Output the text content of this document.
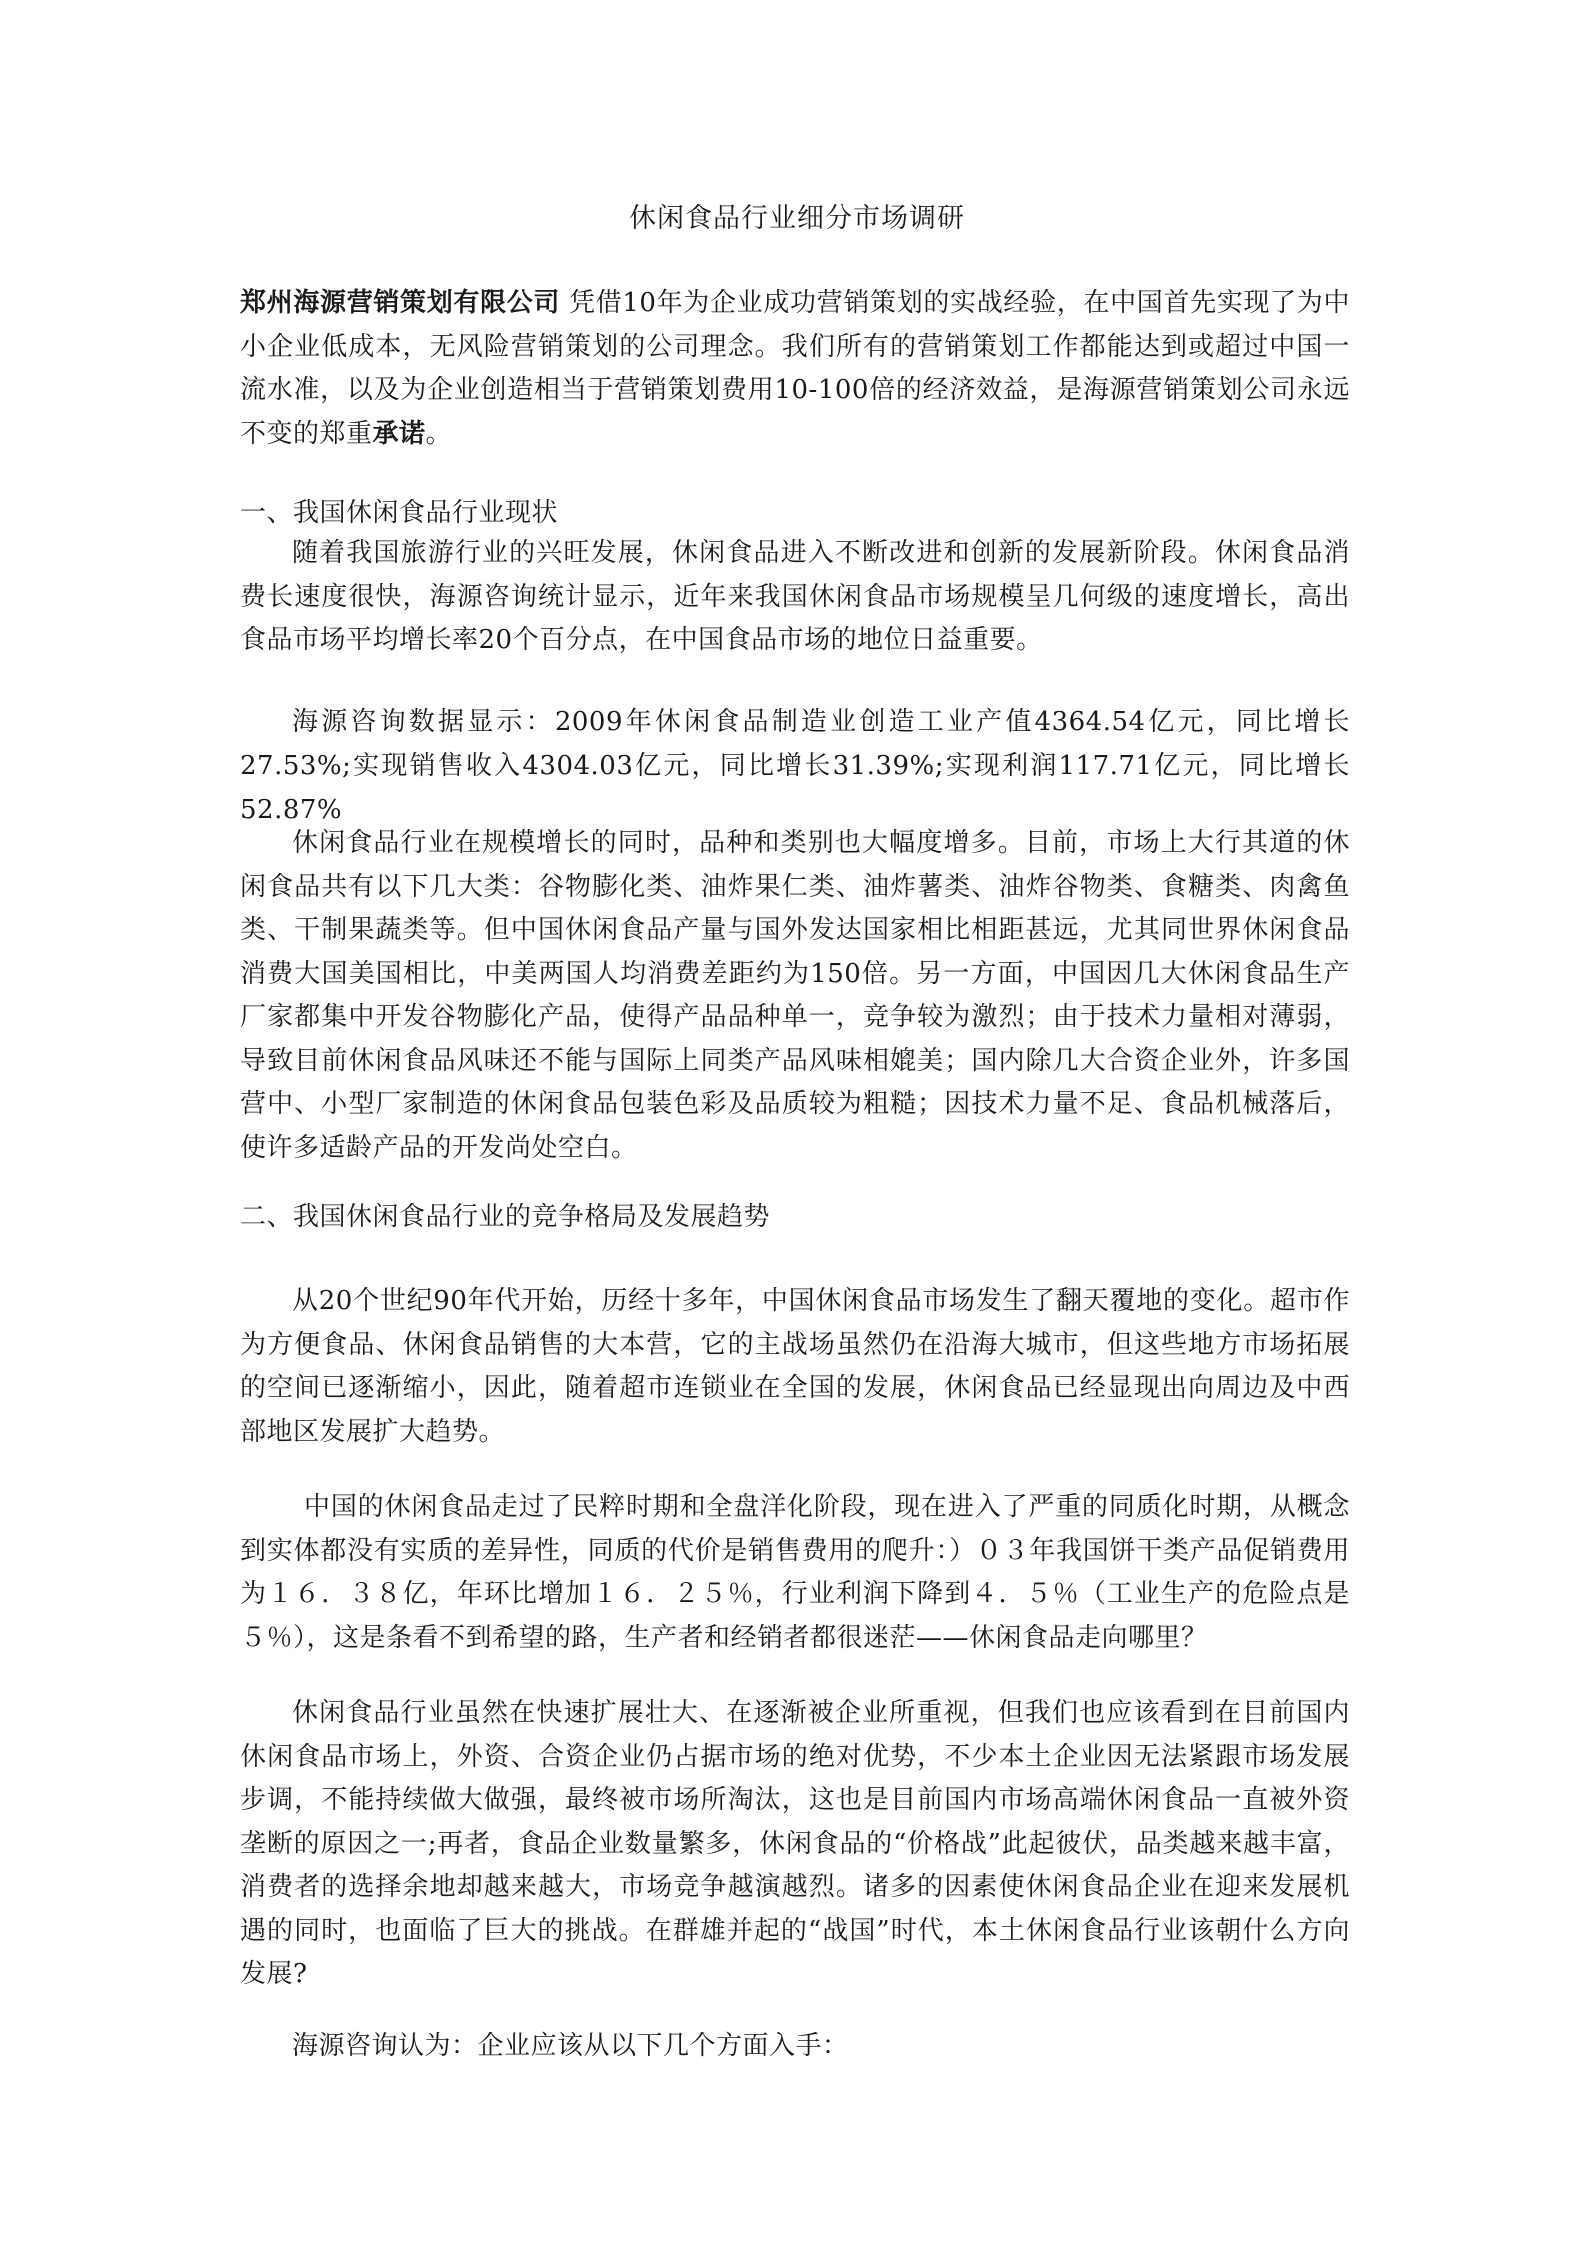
休闲食品行业细分市场调研

郑州海源营销策划有限公司 凭借10年为企业成功营销策划的实战经验，在中国首先实现了为中小企业低成本，无风险营销策划的公司理念。我们所有的营销策划工作都能达到或超过中国一流水准，以及为企业创造相当于营销策划费用10-100倍的经济效益，是海源营销策划公司永远不变的郑重承诺。

一、我国休闲食品行业现状

随着我国旅游行业的兴旺发展，休闲食品进入不断改进和创新的发展新阶段。休闲食品消费长速度很快，海源咨询统计显示，近年来我国休闲食品市场规模呈几何级的速度增长，高出食品市场平均增长率20个百分点，在中国食品市场的地位日益重要。

海源咨询数据显示：2009年休闲食品制造业创造工业产值4364.54亿元，同比增长27.53%;实现销售收入4304.03亿元，同比增长31.39%;实现利润117.71亿元，同比增长52.87%

休闲食品行业在规模增长的同时，品种和类别也大幅度增多。目前，市场上大行其道的休闲食品共有以下几大类：谷物膨化类、油炸果仁类、油炸薯类、油炸谷物类、食糖类、肉禽鱼类、干制果蔬类等。但中国休闲食品产量与国外发达国家相比相距甚远，尤其同世界休闲食品消费大国美国相比，中美两国人均消费差距约为150倍。另一方面，中国因几大休闲食品生产厂家都集中开发谷物膨化产品，使得产品品种单一，竞争较为激烈；由于技术力量相对薄弱，导致目前休闲食品风味还不能与国际上同类产品风味相媲美；国内除几大合资企业外，许多国营中、小型厂家制造的休闲食品包装色彩及品质较为粗糙；因技术力量不足、食品机械落后，使许多适龄产品的开发尚处空白。

二、我国休闲食品行业的竞争格局及发展趋势

从20个世纪90年代开始，历经十多年，中国休闲食品市场发生了翻天覆地的变化。超市作为方便食品、休闲食品销售的大本营，它的主战场虽然仍在沿海大城市，但这些地方市场拓展的空间已逐渐缩小，因此，随着超市连锁业在全国的发展，休闲食品已经显现出向周边及中西部地区发展扩大趋势。

中国的休闲食品走过了民粹时期和全盘洋化阶段，现在进入了严重的同质化时期，从概念到实体都没有实质的差异性，同质的代价是销售费用的爬升：）０３年我国饼干类产品促销费用为１６．３８亿，年环比增加１６．２５％，行业利润下降到４．５％（工业生产的危险点是５％），这是条看不到希望的路，生产者和经销者都很迷茫——休闲食品走向哪里？

休闲食品行业虽然在快速扩展壮大、在逐渐被企业所重视，但我们也应该看到在目前国内休闲食品市场上，外资、合资企业仍占据市场的绝对优势，不少本土企业因无法紧跟市场发展步调，不能持续做大做强，最终被市场所淘汰，这也是目前国内市场高端休闲食品一直被外资垄断的原因之一;再者，食品企业数量繁多，休闲食品的“价格战”此起彼伏，品类越来越丰富，消费者的选择余地却越来越大，市场竞争越演越烈。诸多的因素使休闲食品企业在迎来发展机遇的同时，也面临了巨大的挑战。在群雄并起的“战国”时代，本土休闲食品行业该朝什么方向发展?

海源咨询认为：企业应该从以下几个方面入手：
